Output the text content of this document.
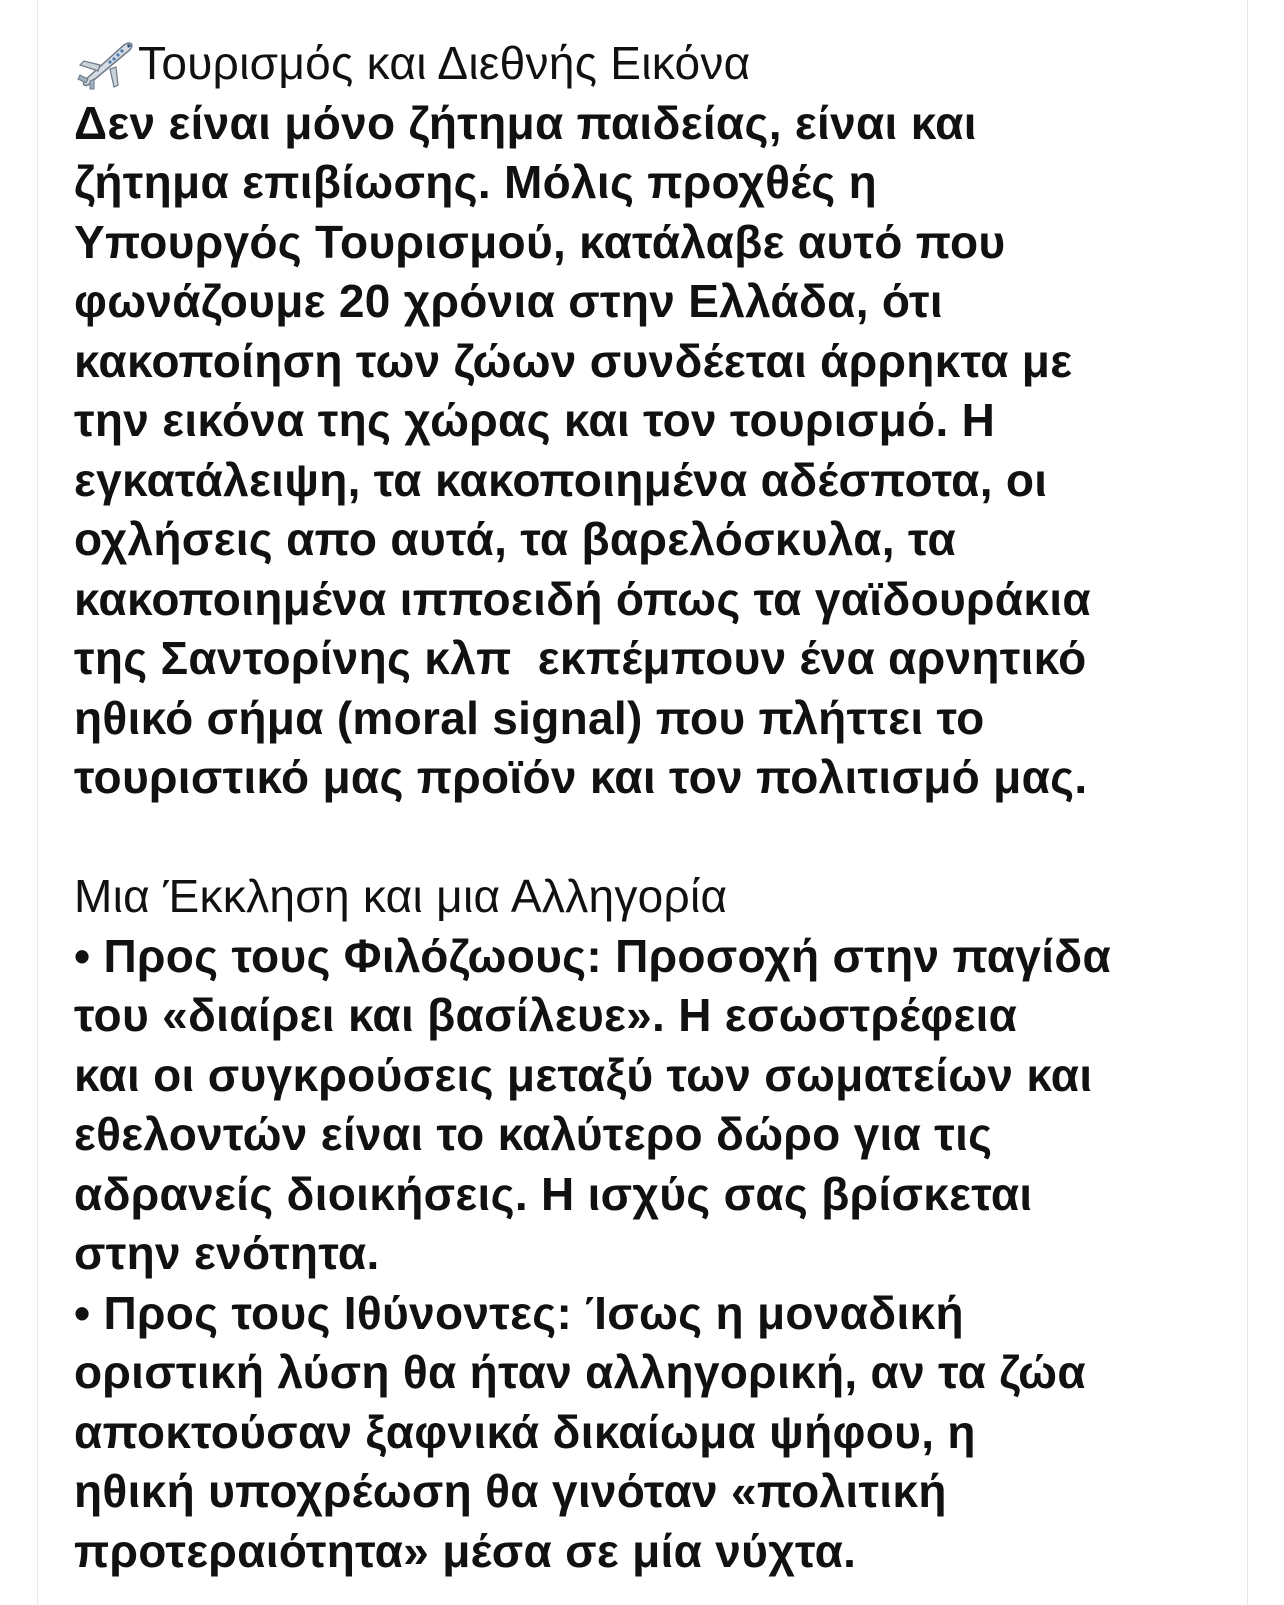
Τουρισμός και Διεθνής Εικόνα
Δεν είναι μόνο ζήτημα παιδείας, είναι και
ζήτημα επιβίωσης. Μόλις προχθές η
Υπουργός Τουρισμού, κατάλαβε αυτό που
φωνάζουμε 20 χρόνια στην Ελλάδα, ότι
κακοποίηση των ζώων συνδέεται άρρηκτα με
την εικόνα της χώρας και τον τουρισμό. Η
εγκατάλειψη, τα κακοποιημένα αδέσποτα, οι
οχλήσεις απο αυτά, τα βαρελόσκυλα, τα
κακοποιημένα ιπποειδή όπως τα γαϊδουράκια
της Σαντορίνης κλπ  εκπέμπουν ένα αρνητικό
ηθικό σήμα (moral signal) που πλήττει το
τουριστικό μας προϊόν και τον πολιτισμό μας.
Μια Έκκληση και μια Αλληγορία
• Προς τους Φιλόζωους: Προσοχή στην παγίδα
του «διαίρει και βασίλευε». Η εσωστρέφεια
και οι συγκρούσεις μεταξύ των σωματείων και
εθελοντών είναι το καλύτερο δώρο για τις
αδρανείς διοικήσεις. Η ισχύς σας βρίσκεται
στην ενότητα.
• Προς τους Ιθύνοντες: Ίσως η μοναδική
οριστική λύση θα ήταν αλληγορική, αν τα ζώα
αποκτούσαν ξαφνικά δικαίωμα ψήφου, η
ηθική υποχρέωση θα γινόταν «πολιτική
προτεραιότητα» μέσα σε μία νύχτα.
